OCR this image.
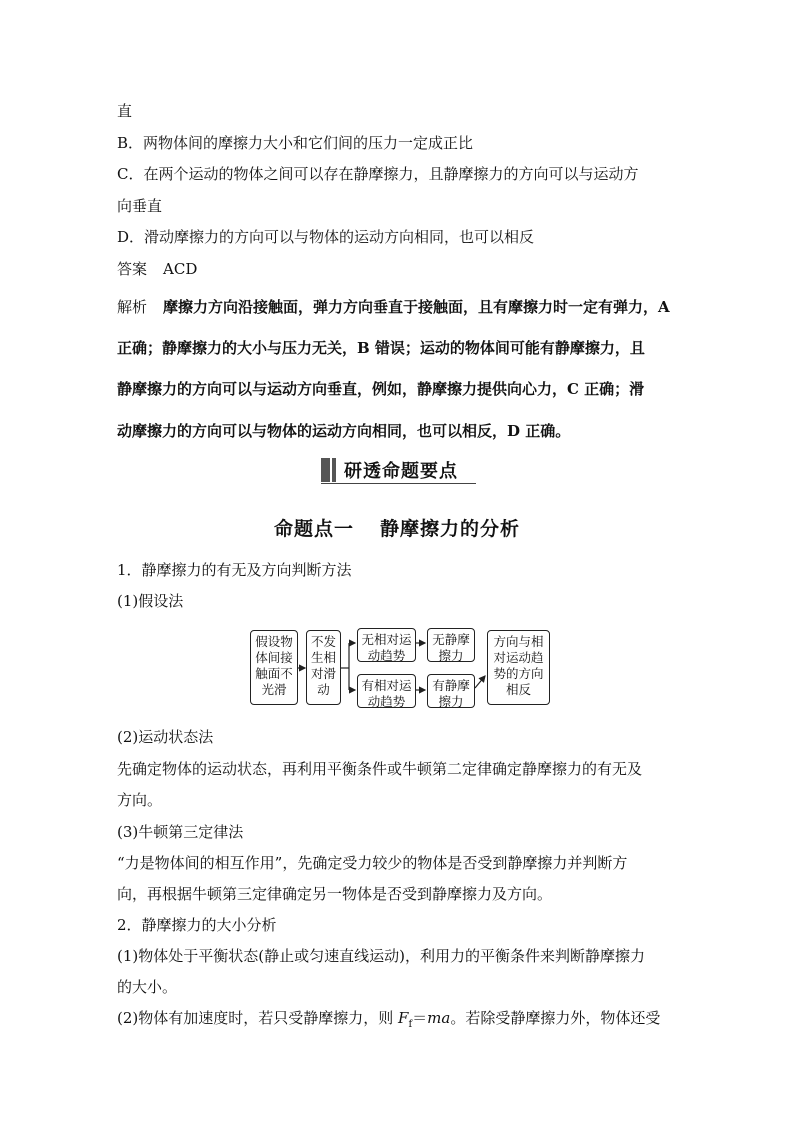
直
B．两物体间的摩擦力大小和它们间的压力一定成正比
C．在两个运动的物体之间可以存在静摩擦力，且静摩擦力的方向可以与运动方
向垂直
D．滑动摩擦力的方向可以与物体的运动方向相同，也可以相反
答案 ACD
解析 摩擦力方向沿接触面，弹力方向垂直于接触面，且有摩擦力时一定有弹力，A
正确；静摩擦力的大小与压力无关，B 错误；运动的物体间可能有静摩擦力，且
静摩擦力的方向可以与运动方向垂直，例如，静摩擦力提供向心力，C 正确；滑
动摩擦力的方向可以与物体的运动方向相同，也可以相反，D 正确。
研透命题要点
命题点一 静摩擦力的分析
1．静摩擦力的有无及方向判断方法
(1)假设法
假设物
体间接
触面不
光滑
不发
生相
对滑
动
无相对运
动趋势
无静摩
擦力
有相对运
动趋势
有静摩
擦力
方向与相
对运动趋
势的方向
相反
(2)运动状态法
先确定物体的运动状态，再利用平衡条件或牛顿第二定律确定静摩擦力的有无及
方向。
(3)牛顿第三定律法
“力是物体间的相互作用”，先确定受力较少的物体是否受到静摩擦力并判断方
向，再根据牛顿第三定律确定另一物体是否受到静摩擦力及方向。
2．静摩擦力的大小分析
(1)物体处于平衡状态(静止或匀速直线运动)，利用力的平衡条件来判断静摩擦力
的大小。
(2)物体有加速度时，若只受静摩擦力，则 $F_f=ma$。若除受静摩擦力外，物体还受
